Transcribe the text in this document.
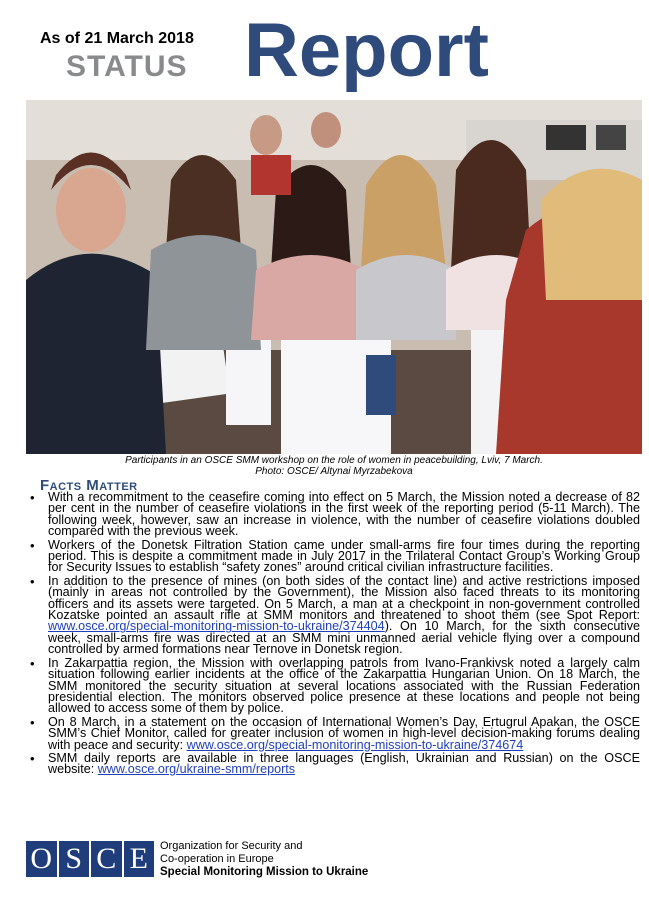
As of 21 March 2018
STATUS Report
Participants in an OSCE SMM workshop on the role of women in peacebuilding, Lviv, 7 March.
Photo: OSCE/ Altynai Myrzabekova
Facts Matter
• With a recommitment to the ceasefire coming into effect on 5 March, the Mission noted a decrease of 82 per cent in the number of ceasefire violations in the first week of the reporting period (5-11 March). The following week, however, saw an increase in violence, with the number of ceasefire violations doubled compared with the previous week.
• Workers of the Donetsk Filtration Station came under small-arms fire four times during the reporting period. This is despite a commitment made in July 2017 in the Trilateral Contact Group’s Working Group for Security Issues to establish “safety zones” around critical civilian infrastructure facilities.
• In addition to the presence of mines (on both sides of the contact line) and active restrictions imposed (mainly in areas not controlled by the Government), the Mission also faced threats to its monitoring officers and its assets were targeted. On 5 March, a man at a checkpoint in non-government controlled Kozatske pointed an assault rifle at SMM monitors and threatened to shoot them (see Spot Report: www.osce.org/special-monitoring-mission-to-ukraine/374404). On 10 March, for the sixth consecutive week, small-arms fire was directed at an SMM mini unmanned aerial vehicle flying over a compound controlled by armed formations near Ternove in Donetsk region.
• In Zakarpattia region, the Mission with overlapping patrols from Ivano-Frankivsk noted a largely calm situation following earlier incidents at the office of the Zakarpattia Hungarian Union. On 18 March, the SMM monitored the security situation at several locations associated with the Russian Federation presidential election. The monitors observed police presence at these locations and people not being allowed to access some of them by police.
• On 8 March, in a statement on the occasion of International Women’s Day, Ertugrul Apakan, the OSCE SMM’s Chief Monitor, called for greater inclusion of women in high-level decision-making forums dealing with peace and security: www.osce.org/special-monitoring-mission-to-ukraine/374674
• SMM daily reports are available in three languages (English, Ukrainian and Russian) on the OSCE website: www.osce.org/ukraine-smm/reports
O S C E	Organization for Security and
Co-operation in Europe
Special Monitoring Mission to Ukraine
